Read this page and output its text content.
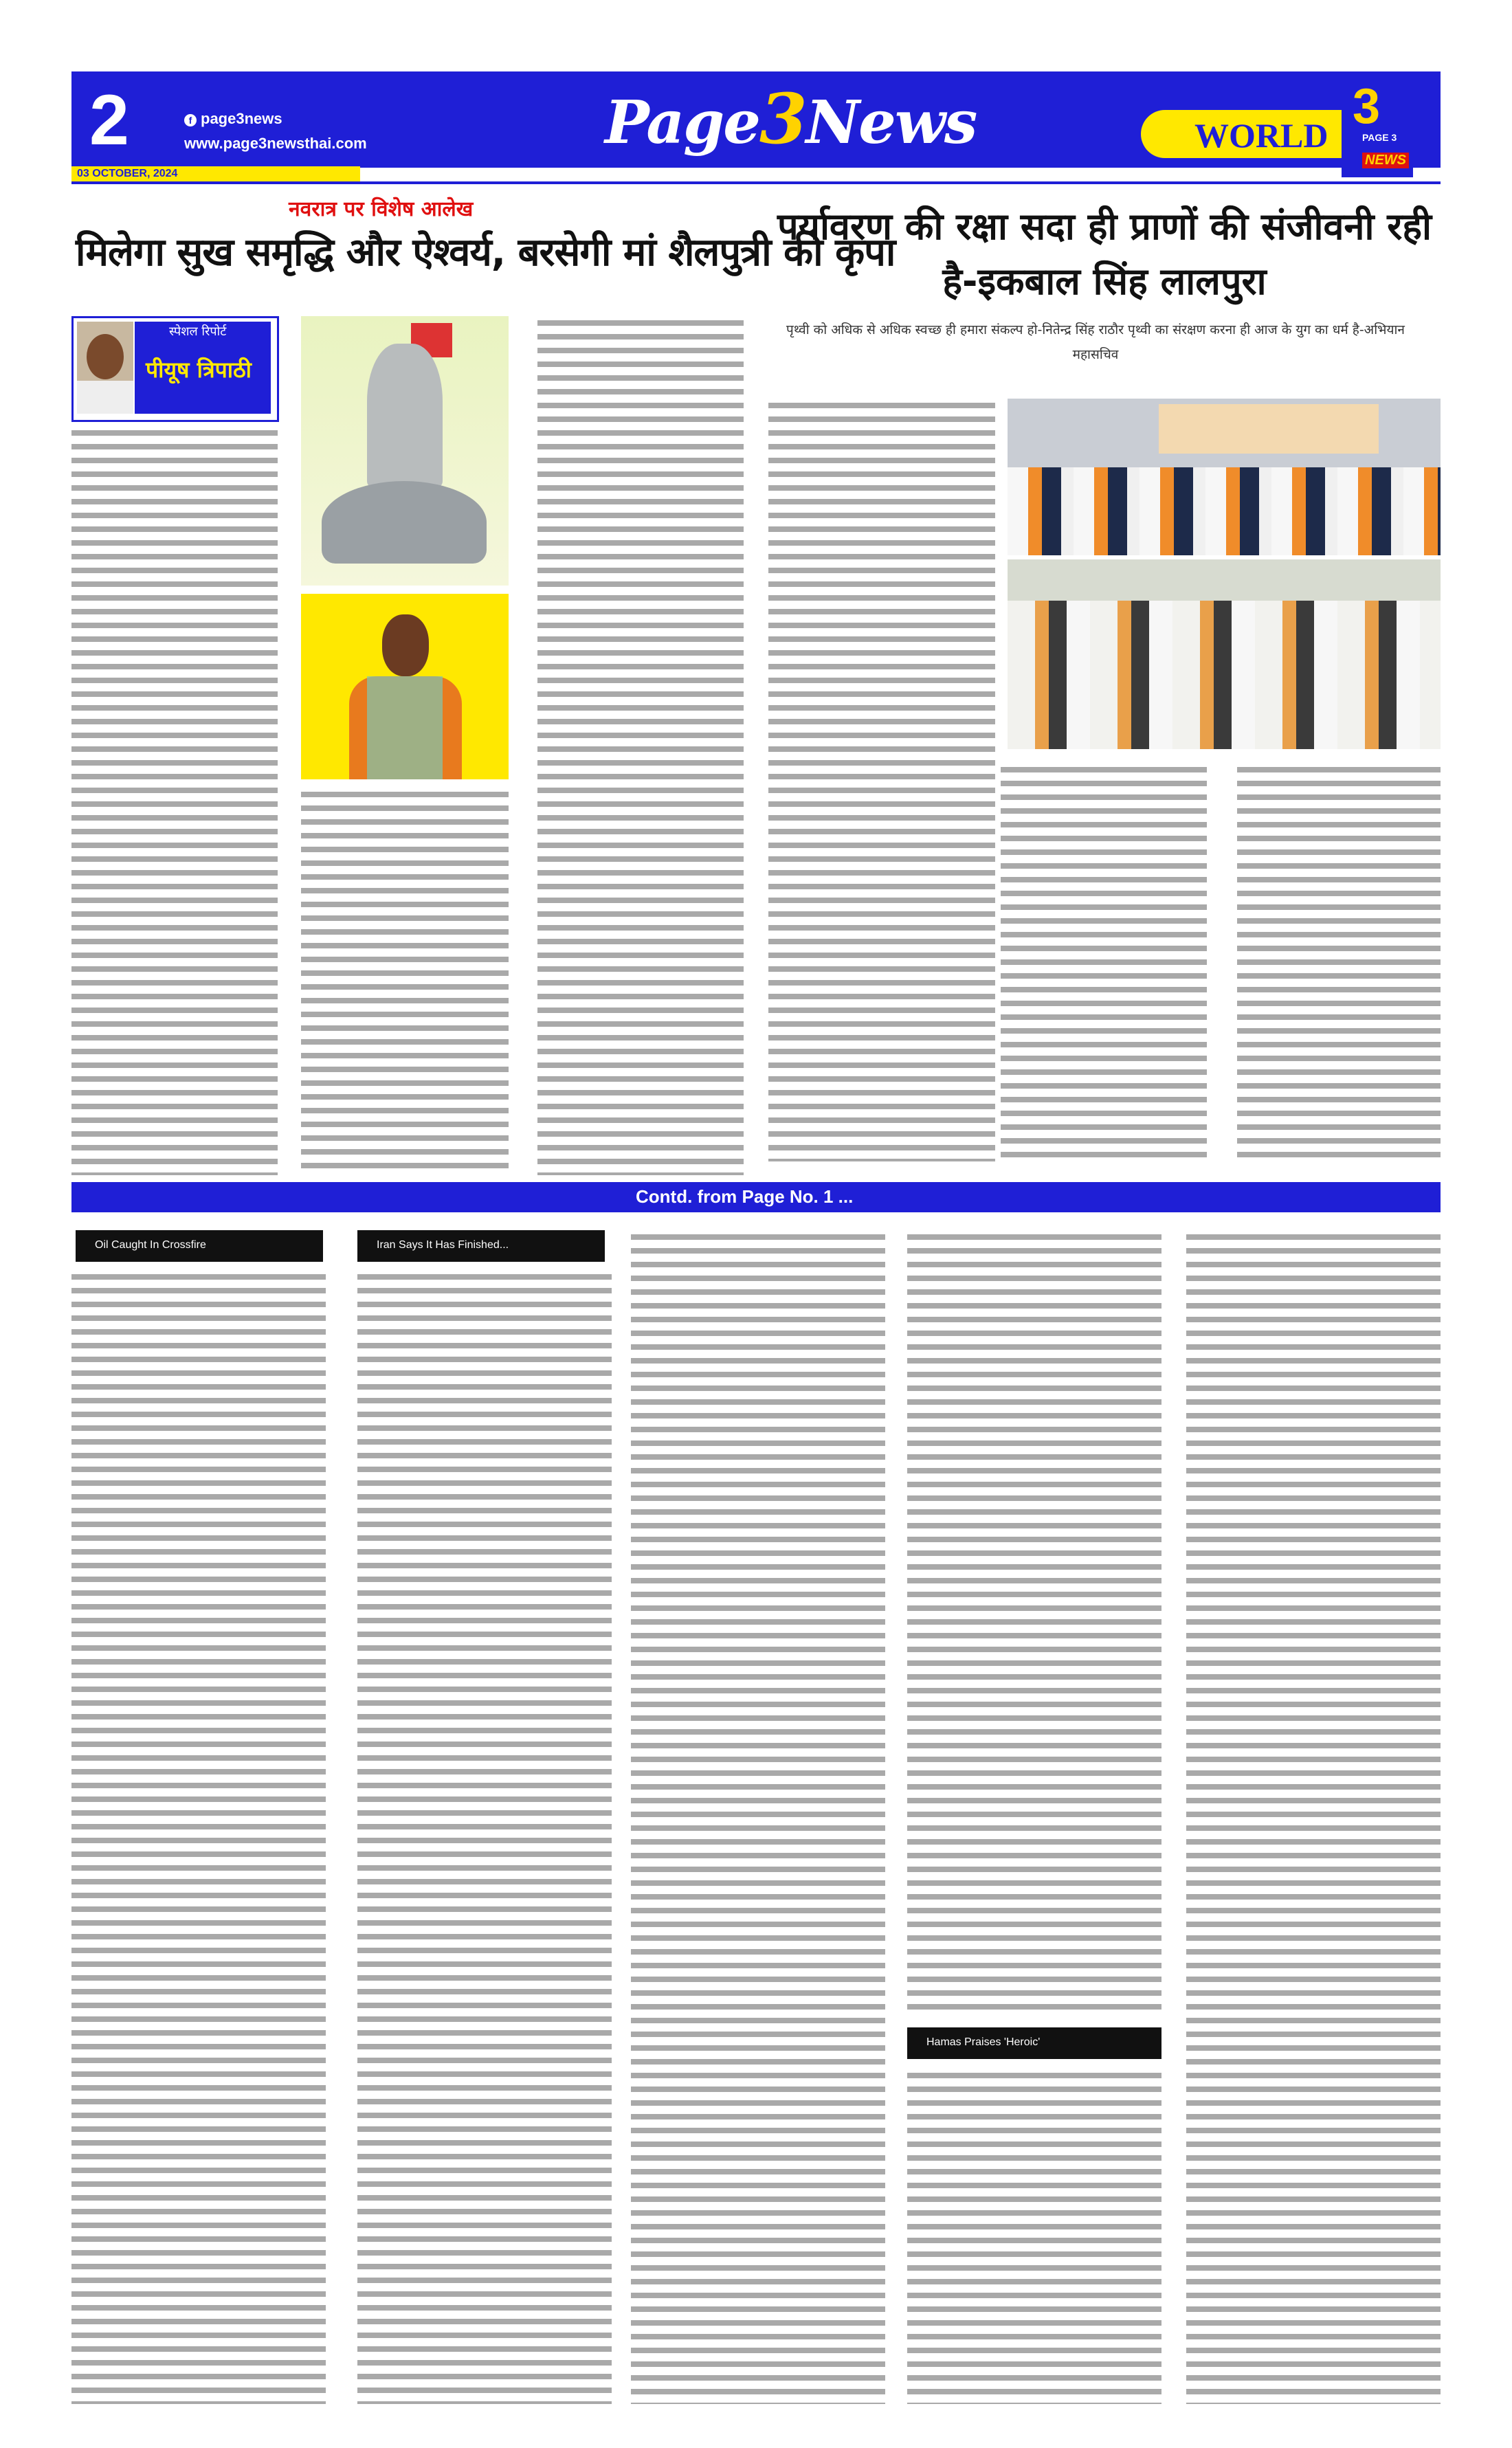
2	f page3news
www.page3newsthai.com	Page3News	WORLD
3
PAGE 3
NEWS
03 OCTOBER, 2024
नवरात्र पर विशेष आलेख
मिलेगा सुख समृद्धि और ऐश्वर्य, बरसेगी मां शैलपुत्री की कृपा
स्पेशल रिपोर्ट
पीयूष त्रिपाठी
पर्यावरण की रक्षा सदा ही प्राणों की संजीवनी रही है-इकबाल सिंह लालपुरा
पृथ्वी को अधिक से अधिक स्वच्छ ही हमारा संकल्प हो-नितेन्द्र सिंह राठौर पृथ्वी का संरक्षण करना ही आज के युग का धर्म है-अभियान महासचिव
Contd. from Page No. 1 ...
Oil Caught In Crossfire	Iran Says It Has Finished...
Hamas Praises 'Heroic'
